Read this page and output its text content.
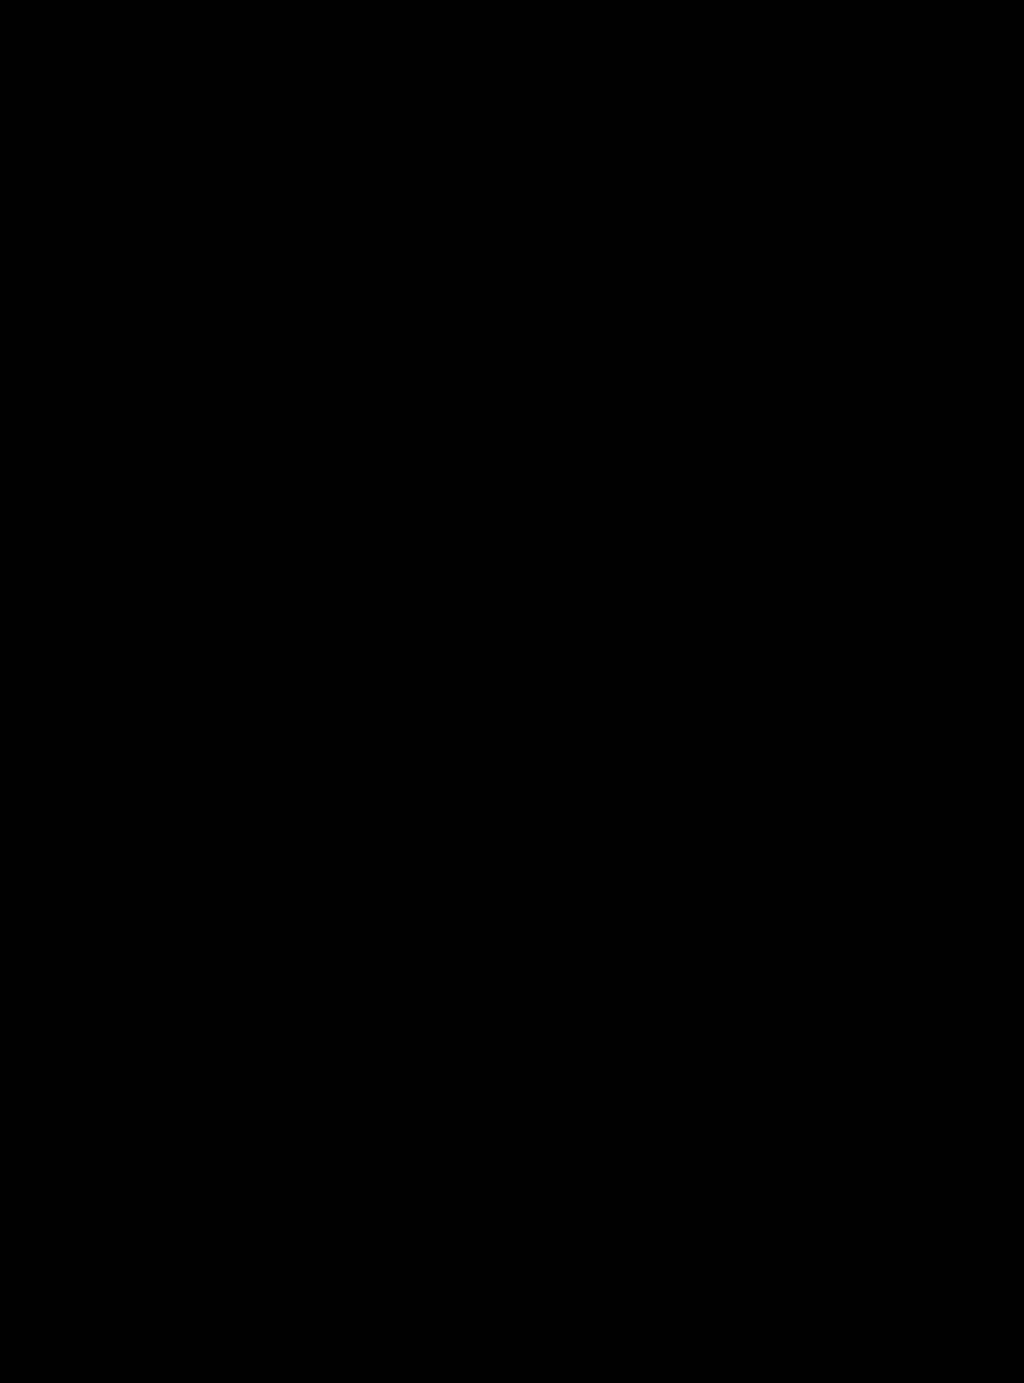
Καλεντζή Εντέο ΝΟΜΟΣ ΞΑΝΘΗΣ:Η ΦΥΣΙΟΓΝΩΜΙΑ ΤΟΥ ΝΟΜΟΥ ΞΑΝΘΗΣ
Ανισότητα και Ανομοιογένεια της Χωροταξικής Διάρθρωσης του Νομού Ξάνθης
σημαντικότερα κοινά χαρακτηριστικά είναι και τα ακόλουθα:
Οι τοίχοι είναι χοντροί (πάχους 0.70-0.90 μ.) και με κύριο δομικό υλικό την πέτρα
έτσι ώστε τα σπίτια να προστατεύονται από τους ισχυρούς ανέμους των βουνών. Το
σπίτι ζώνονταν με ξυλοδεσιές , σε διαστήματα περίπου ενός μέτρου, πάνω στις οποίες
πατούσαν οι αντηρίδες των προεξοχών και του εξώστη.
Τα ανοίγματα των τοίχων στις πλευρές με δυσμενή προσανατολισμό ήταν ιδιαίτερα
μικρά έως και ανύπαρκτα.
Θερμομόνωση επιτυγχάνονταν με στρογγυλά αποφλοιωμένα ξύλα πάνω στα οποία
καρφώνονταν από τις δύο πλευρές καλάμια ή σανίδωμα και επιχρίονταν με
ασβεστοκονίαμα.
Η στέγη κατασκευάζονταν με απότομη κλίση για την αντιμετώπιση του χιονιού και
τα δωμάτια καλύπτονταν από ξύλινα ταβάνια.
Τα σπίτια ήταν υπερυψωμένα, με περισσότερα παράθυρα στον όροφο παρά στο
ισόγειο.
Τα δωμάτια ήταν χαμηλοτάβανα για αποθήκευση της θερμότητας.
Η ύπαρξη ανοιχτών στεγασμένων χώρων, η παχιά τοιχοποιία, ο εξαερισμός του
κτιρίου με τα ανασυρόμενα παράθυρα των οντάδων, η γύρω βλάστηση και οι
προεξοχές της στέγης βοηθούσαν στην αντιμετώπιση των υψηλών θερμοκρασιών
τους θερινούς μήνες (http://www.alex.eled.duth.gr/Orinos/Oreinos/Xanthi.htm).
2.7.2 Πεδινός Οικισμός
Στους πεδινούς χριστιανικούς αλλά και μουσουλμανικούς οικισμούς η κατάσταση
είναι ανάλογη. Οι διαμορφωμένες πλατείες πριν μια δεκαετία ήταν ελάχιστες ενώ
υπήρχαν και υπάρχουν αρκετοί μεγάλοι χώροι που μπορούν πολύ όμορφα να
αξιοποιηθούν. Τα τελευταία χρόνια ωστόσο γίνονται σημαντικές προσπάθειες για
οργανωμένη διαμόρφωση πλατειών. Παράλληλη υπάρχουν και παιδικές χαρές που
ακολουθούν την ίδια τύχη με αυτές των χριστιανικών οικισμών. Από πλευράς
φυσιογνωμίας οι χριστιανικοί από τους μουσουλμανικούς οικίσκους διαφέρουν
σημαντικά, από το γεγονός ότι στους πρώτους όλα τα σπίτια είναι ορατά ενώ στους
δεύτερους ψιλοί μανδροτοιχοι εμποδίζουν τον πεζό να δει εσωτερικά την αυλή και το
σπίτι ιδιοκτήτη (Κατσιμίγας Κ., 1984, Κίζης Γ.,1990, Lalenis K., 2000).
Για τους οικισμούς του Ν. Ξάνθης δεν έχουν οριοθετηθεί οι οικοδομικές άδειες. Για
83
